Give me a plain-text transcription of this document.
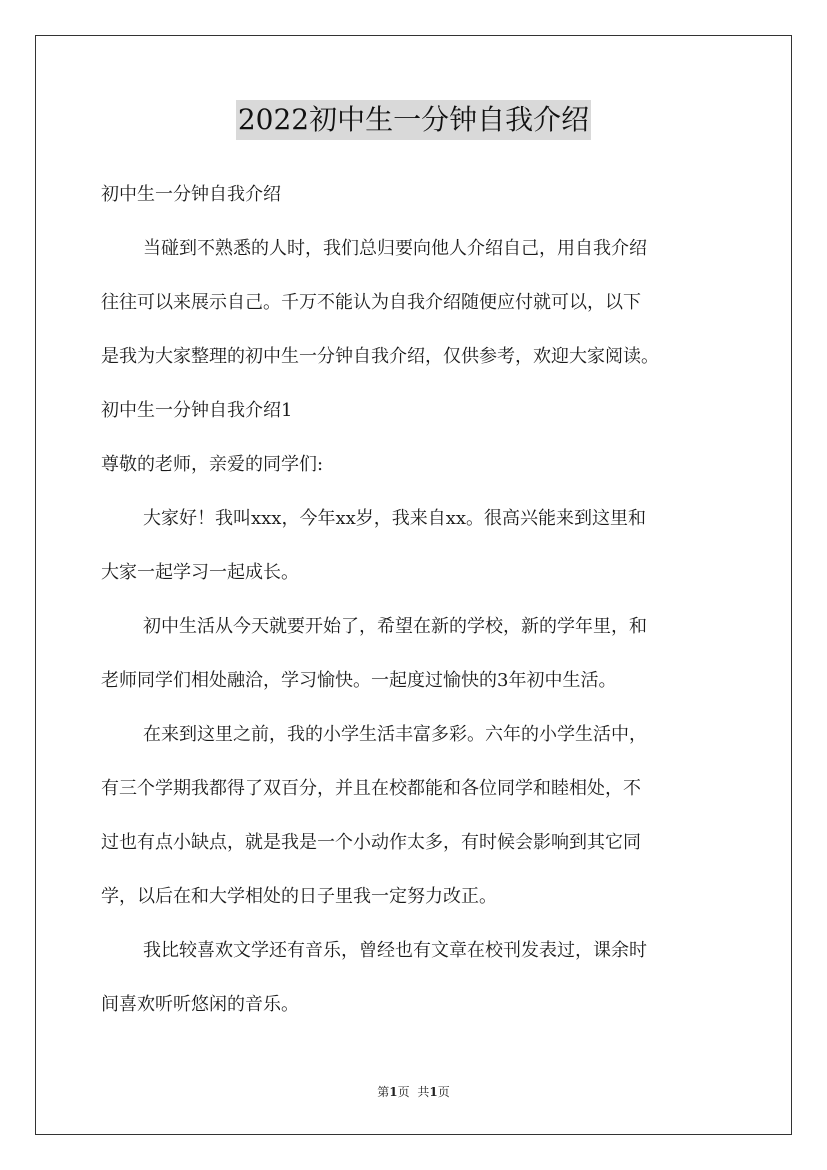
2022初中生一分钟自我介绍
初中生一分钟自我介绍
当碰到不熟悉的人时，我们总归要向他人介绍自己，用自我介绍
往往可以来展示自己。千万不能认为自我介绍随便应付就可以，以下
是我为大家整理的初中生一分钟自我介绍，仅供参考，欢迎大家阅读。
初中生一分钟自我介绍1
尊敬的老师，亲爱的同学们:
大家好！我叫xxx，今年xx岁，我来自xx。很高兴能来到这里和
大家一起学习一起成长。
初中生活从今天就要开始了，希望在新的学校，新的学年里，和
老师同学们相处融洽，学习愉快。一起度过愉快的3年初中生活。
在来到这里之前，我的小学生活丰富多彩。六年的小学生活中，
有三个学期我都得了双百分，并且在校都能和各位同学和睦相处，不
过也有点小缺点，就是我是一个小动作太多，有时候会影响到其它同
学，以后在和大学相处的日子里我一定努力改正。
我比较喜欢文学还有音乐，曾经也有文章在校刊发表过，课余时
间喜欢听听悠闲的音乐。
第1页 共1页
